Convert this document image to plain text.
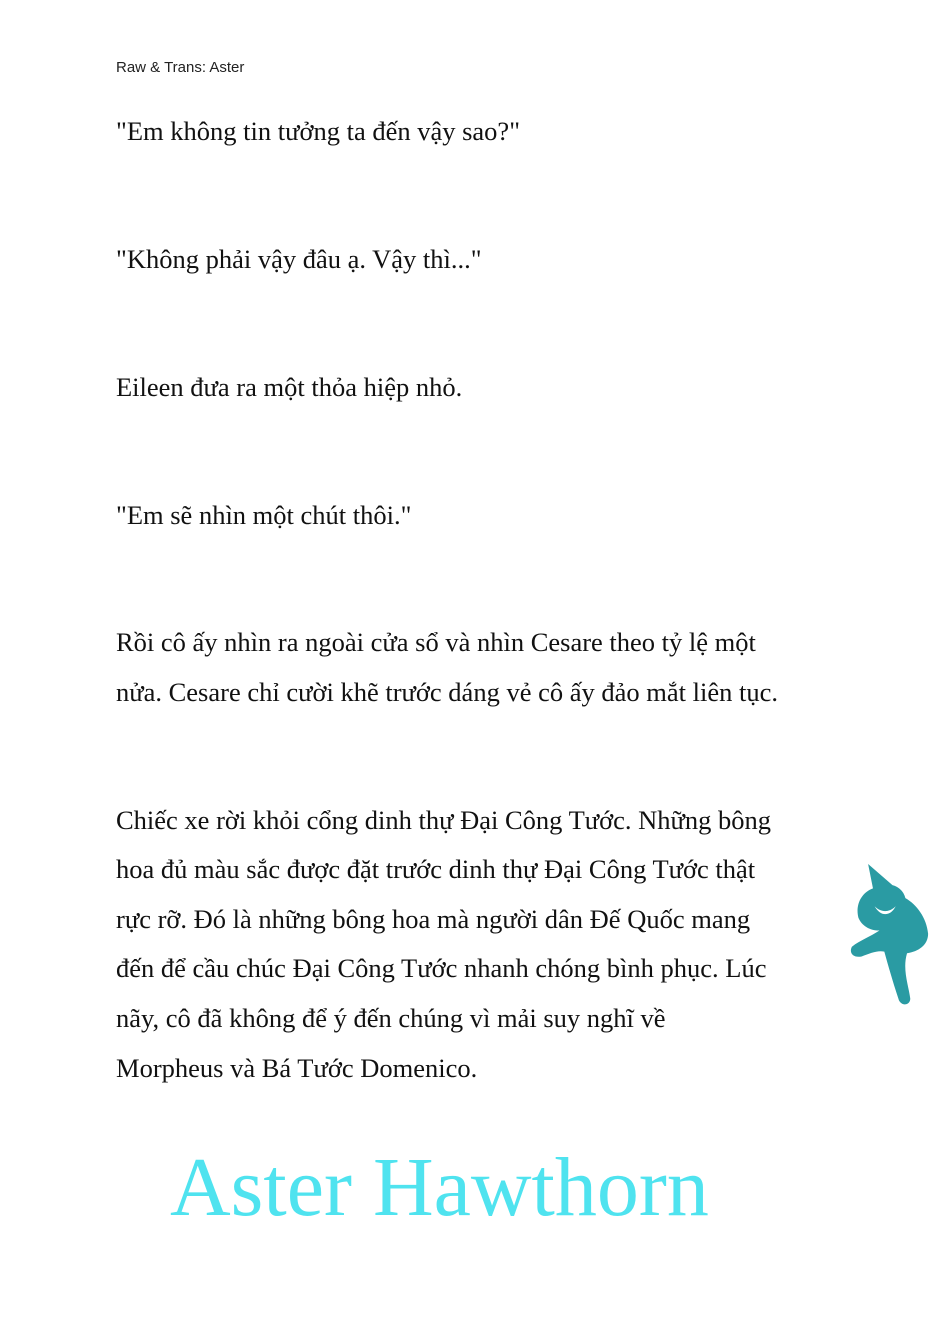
Raw & Trans: Aster
"Em không tin tưởng ta đến vậy sao?"
"Không phải vậy đâu ạ. Vậy thì..."
Eileen đưa ra một thỏa hiệp nhỏ.
"Em sẽ nhìn một chút thôi."
Rồi cô ấy nhìn ra ngoài cửa sổ và nhìn Cesare theo tỷ lệ một
nửa. Cesare chỉ cười khẽ trước dáng vẻ cô ấy đảo mắt liên tục.
Chiếc xe rời khỏi cổng dinh thự Đại Công Tước. Những bông
hoa đủ màu sắc được đặt trước dinh thự Đại Công Tước thật
rực rỡ. Đó là những bông hoa mà người dân Đế Quốc mang
đến để cầu chúc Đại Công Tước nhanh chóng bình phục. Lúc
nãy, cô đã không để ý đến chúng vì mải suy nghĩ về
Morpheus và Bá Tước Domenico.
Aster Hawthorn
